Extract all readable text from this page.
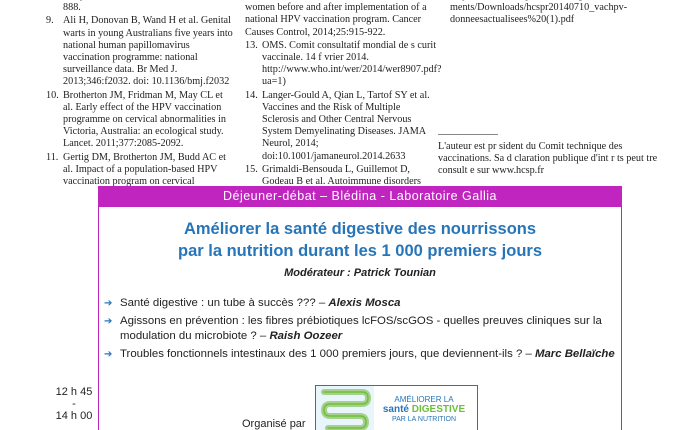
888.
9. Ali H, Donovan B, Wand H et al. Genital warts in young Australians five years into national human papillomavirus vaccination programme: national surveillance data. Br Med J. 2013;346:f2032. doi: 10.1136/bmj.f2032
10. Brotherton JM, Fridman M, May CL et al. Early effect of the HPV vaccination programme on cervical abnormalities in Victoria, Australia: an ecological study. Lancet. 2011;377:2085-2092.
11. Gertig DM, Brotherton JM, Budd AC et al. Impact of a population-based HPV vaccination program on cervical
women before and after implementation of a national HPV vaccination program. Cancer Causes Control, 2014;25:915-922.
13. OMS. Comit consultatif mondial de s curit vaccinale. 14 f vrier 2014. http://www.who.int/wer/2014/wer8907.pdf?ua=1)
14. Langer-Gould A, Qian L, Tartof SY et al. Vaccines and the Risk of Multiple Sclerosis and Other Central Nervous System Demyelinating Diseases. JAMA Neurol, 2014; doi:10.1001/jamaneurol.2014.2633
15. Grimaldi-Bensouda L, Guillemot D, Godeau B et al. Autoimmune disorders

ments/Downloads/hcspr20140710_vachpv-
donneesactualisees%20(1).pdf
L'auteur est pr sident du Comit technique des vaccinations. Sa d claration publique d'int r ts peut tre consult e sur www.hcsp.fr
Déjeuner-débat – Blédina - Laboratoire Gallia
Améliorer la santé digestive des nourrissons
par la nutrition durant les 1 000 premiers jours
Modérateur : Patrick Tounian
➔ Santé digestive : un tube à succès ??? – Alexis Mosca
➔ Agissons en prévention : les fibres prébiotiques lcFOS/scGOS - quelles preuves cliniques sur la modulation du microbiote ? – Raish Oozeer
➔ Troubles fonctionnels intestinaux des 1 000 premiers jours, que deviennent-ils ? – Marc Bellaïche
12 h 45
-
14 h 00
Organisé par
AMÉLIORER LA
santé DIGESTIVE
PAR LA NUTRITION
